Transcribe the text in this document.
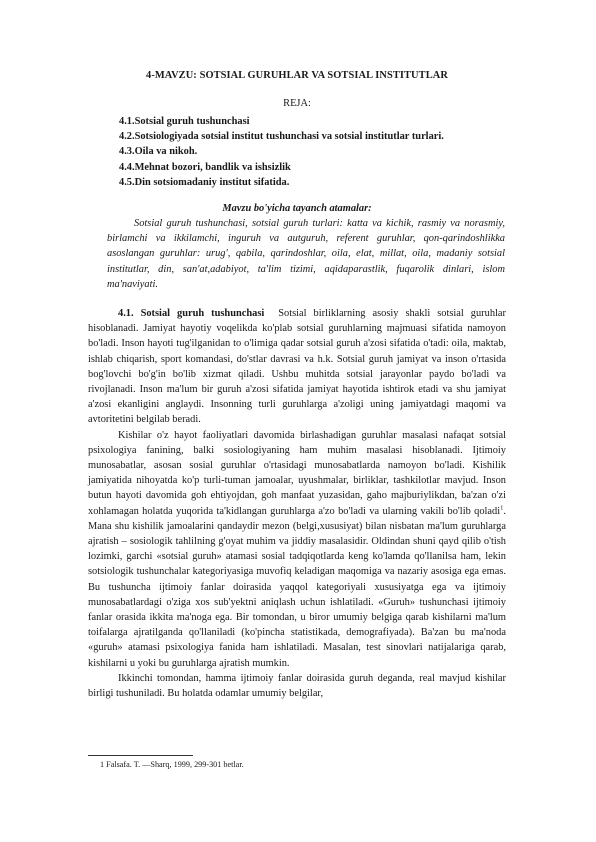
4-MAVZU: SOTSIAL GURUHLAR VA SOTSIAL INSTITUTLAR
REJA:
4.1.Sotsial guruh tushunchasi
4.2.Sotsiologiyada sotsial institut tushunchasi va sotsial institutlar turlari.
4.3.Oila va nikoh.
4.4.Mehnat bozori, bandlik va ishsizlik
4.5.Din sotsiomadaniy institut sifatida.
Mavzu bo'yicha tayanch atamalar:
Sotsial guruh tushunchasi, sotsial guruh turlari: katta va kichik, rasmiy va norasmiy, birlamchi va ikkilamchi, inguruh va autguruh, referent guruhlar, qon-qarindoshlikka asoslangan guruhlar: urug', qabila, qarindoshlar, oila, elat, millat, oila, madaniy sotsial institutlar, din, san'at,adabiyot, ta'lim tizimi, aqidaparastlik, fuqarolik dinlari, islom ma'naviyati.

4.1. Sotsial guruh tushunchasi Sotsial birliklarning asosiy shakli sotsial guruhlar hisoblanadi. Jamiyat hayotiy voqelikda ko'plab sotsial guruhlarning majmuasi sifatida namoyon bo'ladi. Inson hayoti tug'ilganidan to o'limiga qadar sotsial guruh a'zosi sifatida o'tadi: oila, maktab, ishlab chiqarish, sport komandasi, do'stlar davrasi va h.k. Sotsial guruh jamiyat va inson o'rtasida bog'lovchi bo'g'in bo'lib xizmat qiladi. Ushbu muhitda sotsial jarayonlar paydo bo'ladi va rivojlanadi. Inson ma'lum bir guruh a'zosi sifatida jamiyat hayotida ishtirok etadi va shu jamiyat a'zosi ekanligini anglaydi. Insonning turli guruhlarga a'zoligi uning jamiyatdagi maqomi va avtoritetini belgilab beradi.

Kishilar o'z hayot faoliyatlari davomida birlashadigan guruhlar masalasi nafaqat sotsial psixologiya fanining, balki sosiologiyaning ham muhim masalasi hisoblanadi. Ijtimoiy munosabatlar, asosan sosial guruhlar o'rtasidagi munosabatlarda namoyon bo'ladi. Kishilik jamiyatida nihoyatda ko'p turli-tuman jamoalar, uyushmalar, birliklar, tashkilotlar mavjud. Inson butun hayoti davomida goh ehtiyojdan, goh manfaat yuzasidan, gaho majburiylikdan, ba'zan o'zi xohlamagan holatda yuqorida ta'kidlangan guruhlarga a'zo bo'ladi va ularning vakili bo'lib qoladi$^1$. Mana shu kishilik jamoalarini qandaydir mezon (belgi,xususiyat) bilan nisbatan ma'lum guruhlarga ajratish – sosiologik tahlilning g'oyat muhim va jiddiy masalasidir. Oldindan shuni qayd qilib o'tish lozimki, garchi «sotsial guruh» atamasi sosial tadqiqotlarda keng ko'lamda qo'llanilsa ham, lekin sotsiologik tushunchalar kategoriyasiga muvofiq keladigan maqomiga va nazariy asosiga ega emas. Bu tushuncha ijtimoiy fanlar doirasida yaqqol kategoriyali xususiyatga ega va ijtimoiy munosabatlardagi o'ziga xos sub'yektni aniqlash uchun ishlatiladi. «Guruh» tushunchasi ijtimoiy fanlar orasida ikkita ma'noga ega. Bir tomondan, u biror umumiy belgiga qarab kishilarni ma'lum toifalarga ajratilganda qo'llaniladi (ko'pincha statistikada, demografiyada). Ba'zan bu ma'noda «guruh» atamasi psixologiya fanida ham ishlatiladi. Masalan, test sinovlari natijalariga qarab, kishilarni u yoki bu guruhlarga ajratish mumkin.

Ikkinchi tomondan, hamma ijtimoiy fanlar doirasida guruh deganda, real mavjud kishilar birligi tushuniladi. Bu holatda odamlar umumiy belgilar,

1 Falsafa. T. —Sharq, 1999, 299-301 betlar.
